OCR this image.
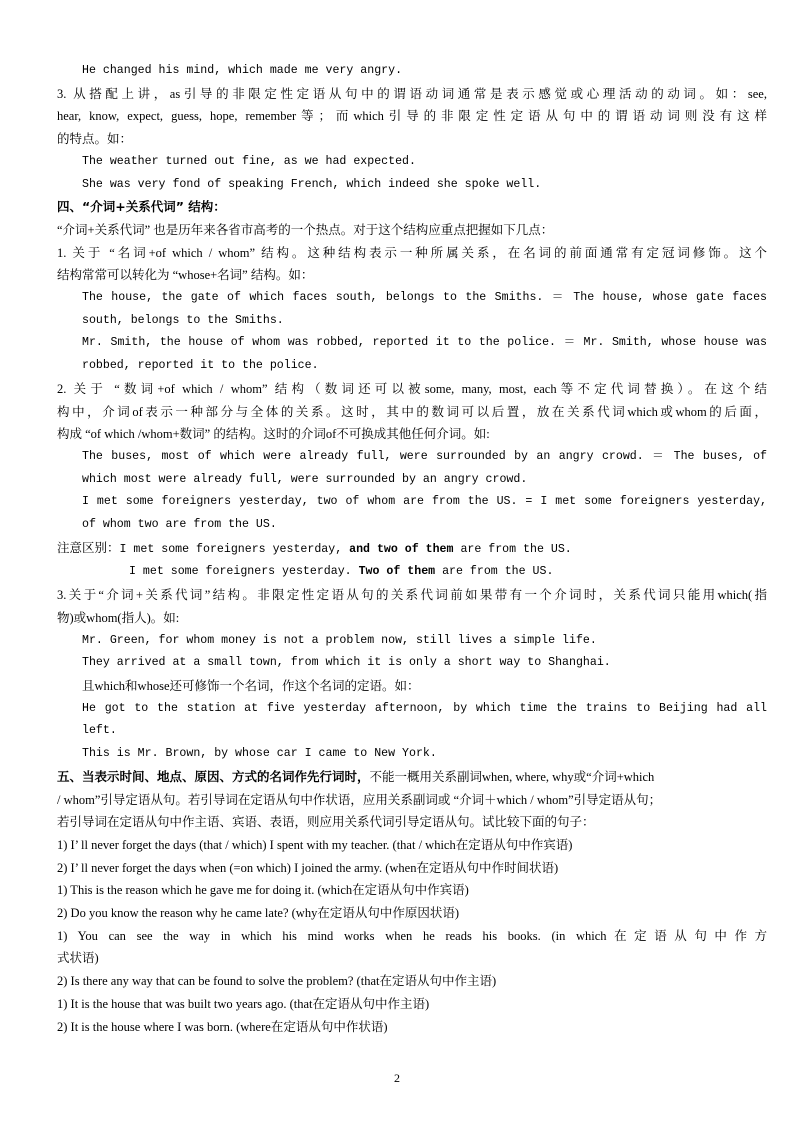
He changed his mind, which made me very angry.
3. 从搭配上讲，as引导的非限定性定语从句中的谓语动词通常是表示感觉或心理活动的动词。如：see,
hear, know, expect, guess, hope, remember等；而which引导的非限定性定语从句中的谓语动词则没有这样
的特点。如：
The weather turned out fine, as we had expected.
She was very fond of speaking French, which indeed she spoke well.
四、“介词+关系代词” 结构：
“介词+关系代词” 也是历年来各省市高考的一个热点。对于这个结构应重点把握如下几点：
1. 关于 “名词+of which / whom” 结构。这种结构表示一种所属关系，在名词的前面通常有定冠词修饰。这个
结构常常可以转化为 “whose+名词” 结构。如：
The house, the gate of which faces south, belongs to the Smiths. ＝ The house, whose gate faces
south, belongs to the Smiths.
Mr. Smith, the house of whom was robbed, reported it to the police. ＝ Mr. Smith, whose house was
robbed, reported it to the police.
2. 关于 “数词+of which / whom” 结构（数词还可以被some, many, most, each等不定代词替换）。在这个结
构中，介词of表示一种部分与全体的关系。这时，其中的数词可以后置，放在关系代词which或whom的后面，
构成 “of which /whom+数词” 的结构。这时的介词of不可换成其他任何介词。如:
The buses, most of which were already full, were surrounded by an angry crowd. ＝ The buses, of
which most were already full, were surrounded by an angry crowd.
I met some foreigners yesterday, two of whom are from the US. = I met some foreigners yesterday,
of whom two are from the US.
注意区别：I met some foreigners yesterday, and two of them are from the US.
I met some foreigners yesterday. Two of them are from the US.
3.关于“介词+关系代词”结构。非限定性定语从句的关系代词前如果带有一个介词时，关系代词只能用which(指
物)或whom(指人)。如:
Mr. Green, for whom money is not a problem now, still lives a simple life.
They arrived at a small town, from which it is only a short way to Shanghai.
且which和whose还可修饰一个名词，作这个名词的定语。如：
He got to the station at five yesterday afternoon, by which time the trains to Beijing had all
left.
This is Mr. Brown, by whose car I came to New York.
五、当表示时间、地点、原因、方式的名词作先行词时，不能一概用关系副词when, where, why或“介词+which
/ whom”引导定语从句。若引导词在定语从句中作状语，应用关系副词或 “介词＋which / whom”引导定语从句；
若引导词在定语从句中作主语、宾语、表语，则应用关系代词引导定语从句。试比较下面的句子：
1) I’ ll never forget the days (that / which) I spent with my teacher. (that / which在定语从句中作宾语)
2) I’ ll never forget the days when (=on which) I joined the army. (when在定语从句中作时间状语)
1) This is the reason which he gave me for doing it. (which在定语从句中作宾语)
2) Do you know the reason why he came late? (why在定语从句中作原因状语)
1) You can see the way in which his mind works when he reads his books. (in which在定语从句中作方
式状语)
2) Is there any way that can be found to solve the problem? (that在定语从句中作主语)
1) It is the house that was built two years ago. (that在定语从句中作主语)
2) It is the house where I was born. (where在定语从句中作状语)
2
